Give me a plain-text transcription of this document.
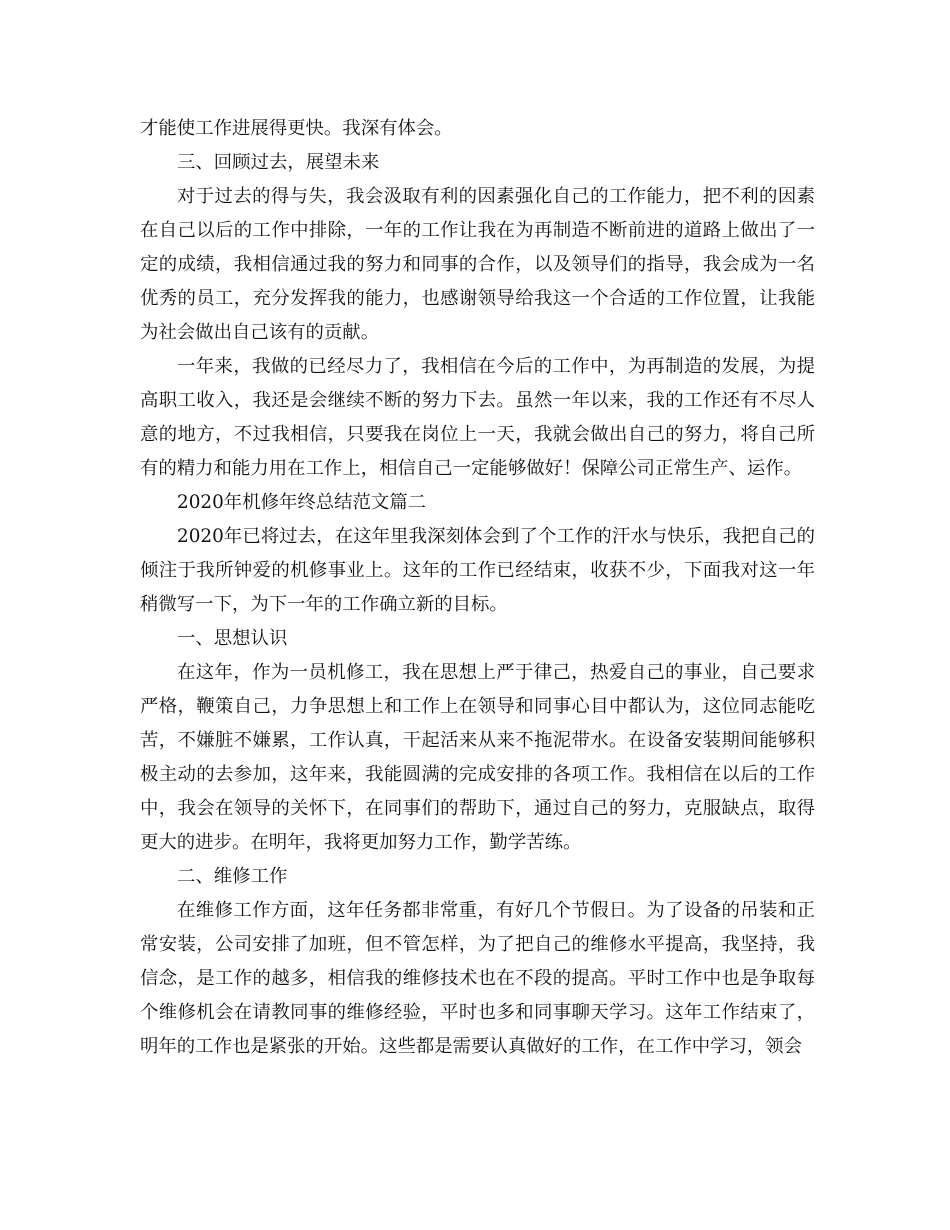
才能使工作进展得更快。我深有体会。

三、回顾过去，展望未来

对于过去的得与失，我会汲取有利的因素强化自己的工作能力，把不利的因素在自己以后的工作中排除，一年的工作让我在为再制造不断前进的道路上做出了一定的成绩，我相信通过我的努力和同事的合作，以及领导们的指导，我会成为一名优秀的员工，充分发挥我的能力，也感谢领导给我这一个合适的工作位置，让我能为社会做出自己该有的贡献。

一年来，我做的已经尽力了，我相信在今后的工作中，为再制造的发展，为提高职工收入，我还是会继续不断的努力下去。虽然一年以来，我的工作还有不尽人意的地方，不过我相信，只要我在岗位上一天，我就会做出自己的努力，将自己所有的精力和能力用在工作上，相信自己一定能够做好！保障公司正常生产、运作。

2020年机修年终总结范文篇二

2020年已将过去，在这年里我深刻体会到了个工作的汗水与快乐，我把自己的倾注于我所钟爱的机修事业上。这年的工作已经结束，收获不少，下面我对这一年稍微写一下，为下一年的工作确立新的目标。

一、思想认识

在这年，作为一员机修工，我在思想上严于律己，热爱自己的事业，自己要求严格，鞭策自己，力争思想上和工作上在领导和同事心目中都认为，这位同志能吃苦，不嫌脏不嫌累，工作认真，干起活来从来不拖泥带水。在设备安装期间能够积极主动的去参加，这年来，我能圆满的完成安排的各项工作。我相信在以后的工作中，我会在领导的关怀下，在同事们的帮助下，通过自己的努力，克服缺点，取得更大的进步。在明年，我将更加努力工作，勤学苦练。

二、维修工作

在维修工作方面，这年任务都非常重，有好几个节假日。为了设备的吊装和正常安装，公司安排了加班，但不管怎样，为了把自己的维修水平提高，我坚持，我信念，是工作的越多，相信我的维修技术也在不段的提高。平时工作中也是争取每个维修机会在请教同事的维修经验，平时也多和同事聊天学习。这年工作结束了，明年的工作也是紧张的开始。这些都是需要认真做好的工作，在工作中学习，领会
